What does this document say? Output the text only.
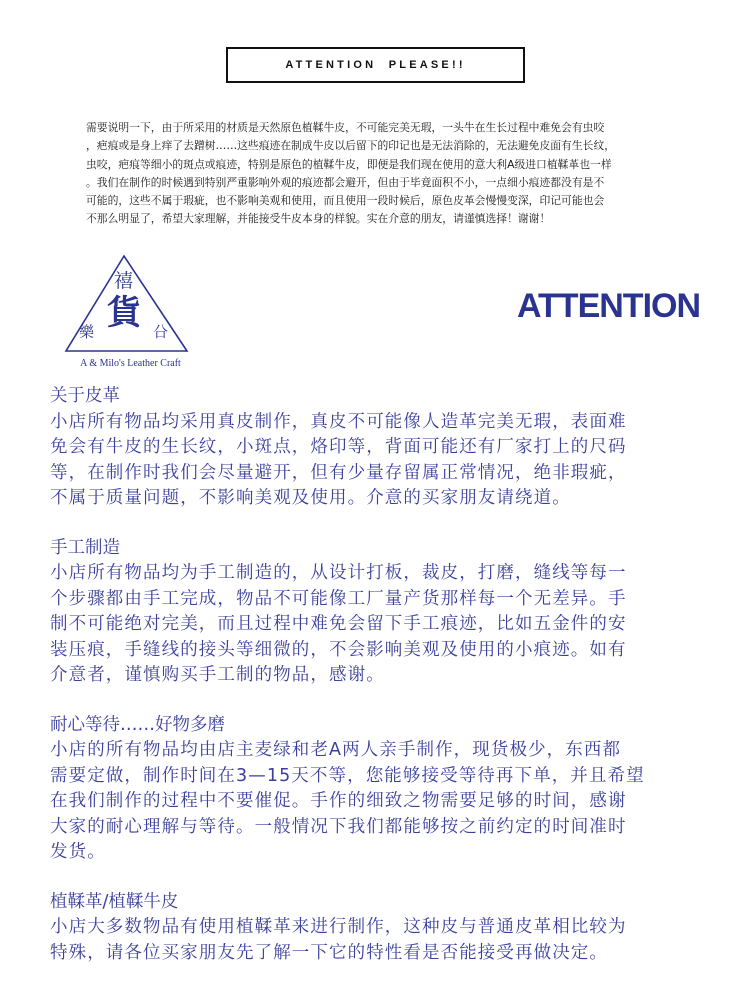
ATTENTION  PLEASE!!
需要说明一下，由于所采用的材质是天然原色植鞣牛皮，不可能完美无瑕，一头牛在生长过程中难免会有虫咬
，疤痕或是身上痒了去蹭树……这些痕迹在制成牛皮以后留下的印记也是无法消除的，无法避免皮面有生长纹，
虫咬，疤痕等细小的斑点或痕迹，特别是原色的植鞣牛皮，即便是我们现在使用的意大利A级进口植鞣革也一样
。我们在制作的时候遇到特别严重影响外观的痕迹都会避开，但由于毕竟面积不小，一点细小痕迹都没有是不
可能的，这些不属于瑕疵，也不影响美观和使用，而且使用一段时候后，原色皮革会慢慢变深，印记可能也会
不那么明显了，希望大家理解，并能接受牛皮本身的样貌。实在介意的朋友，请谨慎选择！谢谢！
禧
貨
樂	㕣
A & Milo's Leather Craft
ATTENTION
关于皮革
小店所有物品均采用真皮制作，真皮不可能像人造革完美无瑕，表面难
免会有牛皮的生长纹，小斑点，烙印等，背面可能还有厂家打上的尺码
等，在制作时我们会尽量避开，但有少量存留属正常情况，绝非瑕疵，
不属于质量问题，不影响美观及使用。介意的买家朋友请绕道。
手工制造
小店所有物品均为手工制造的，从设计打板，裁皮，打磨，缝线等每一
个步骤都由手工完成，物品不可能像工厂量产货那样每一个无差异。手
制不可能绝对完美，而且过程中难免会留下手工痕迹，比如五金件的安
装压痕，手缝线的接头等细微的，不会影响美观及使用的小痕迹。如有
介意者，谨慎购买手工制的物品，感谢。
耐心等待……好物多磨
小店的所有物品均由店主麦绿和老A两人亲手制作，现货极少，东西都
需要定做，制作时间在3—15天不等，您能够接受等待再下单，并且希望
在我们制作的过程中不要催促。手作的细致之物需要足够的时间，感谢
大家的耐心理解与等待。一般情况下我们都能够按之前约定的时间准时
发货。
植鞣革/植鞣牛皮
小店大多数物品有使用植鞣革来进行制作，这种皮与普通皮革相比较为
特殊，请各位买家朋友先了解一下它的特性看是否能接受再做决定。
